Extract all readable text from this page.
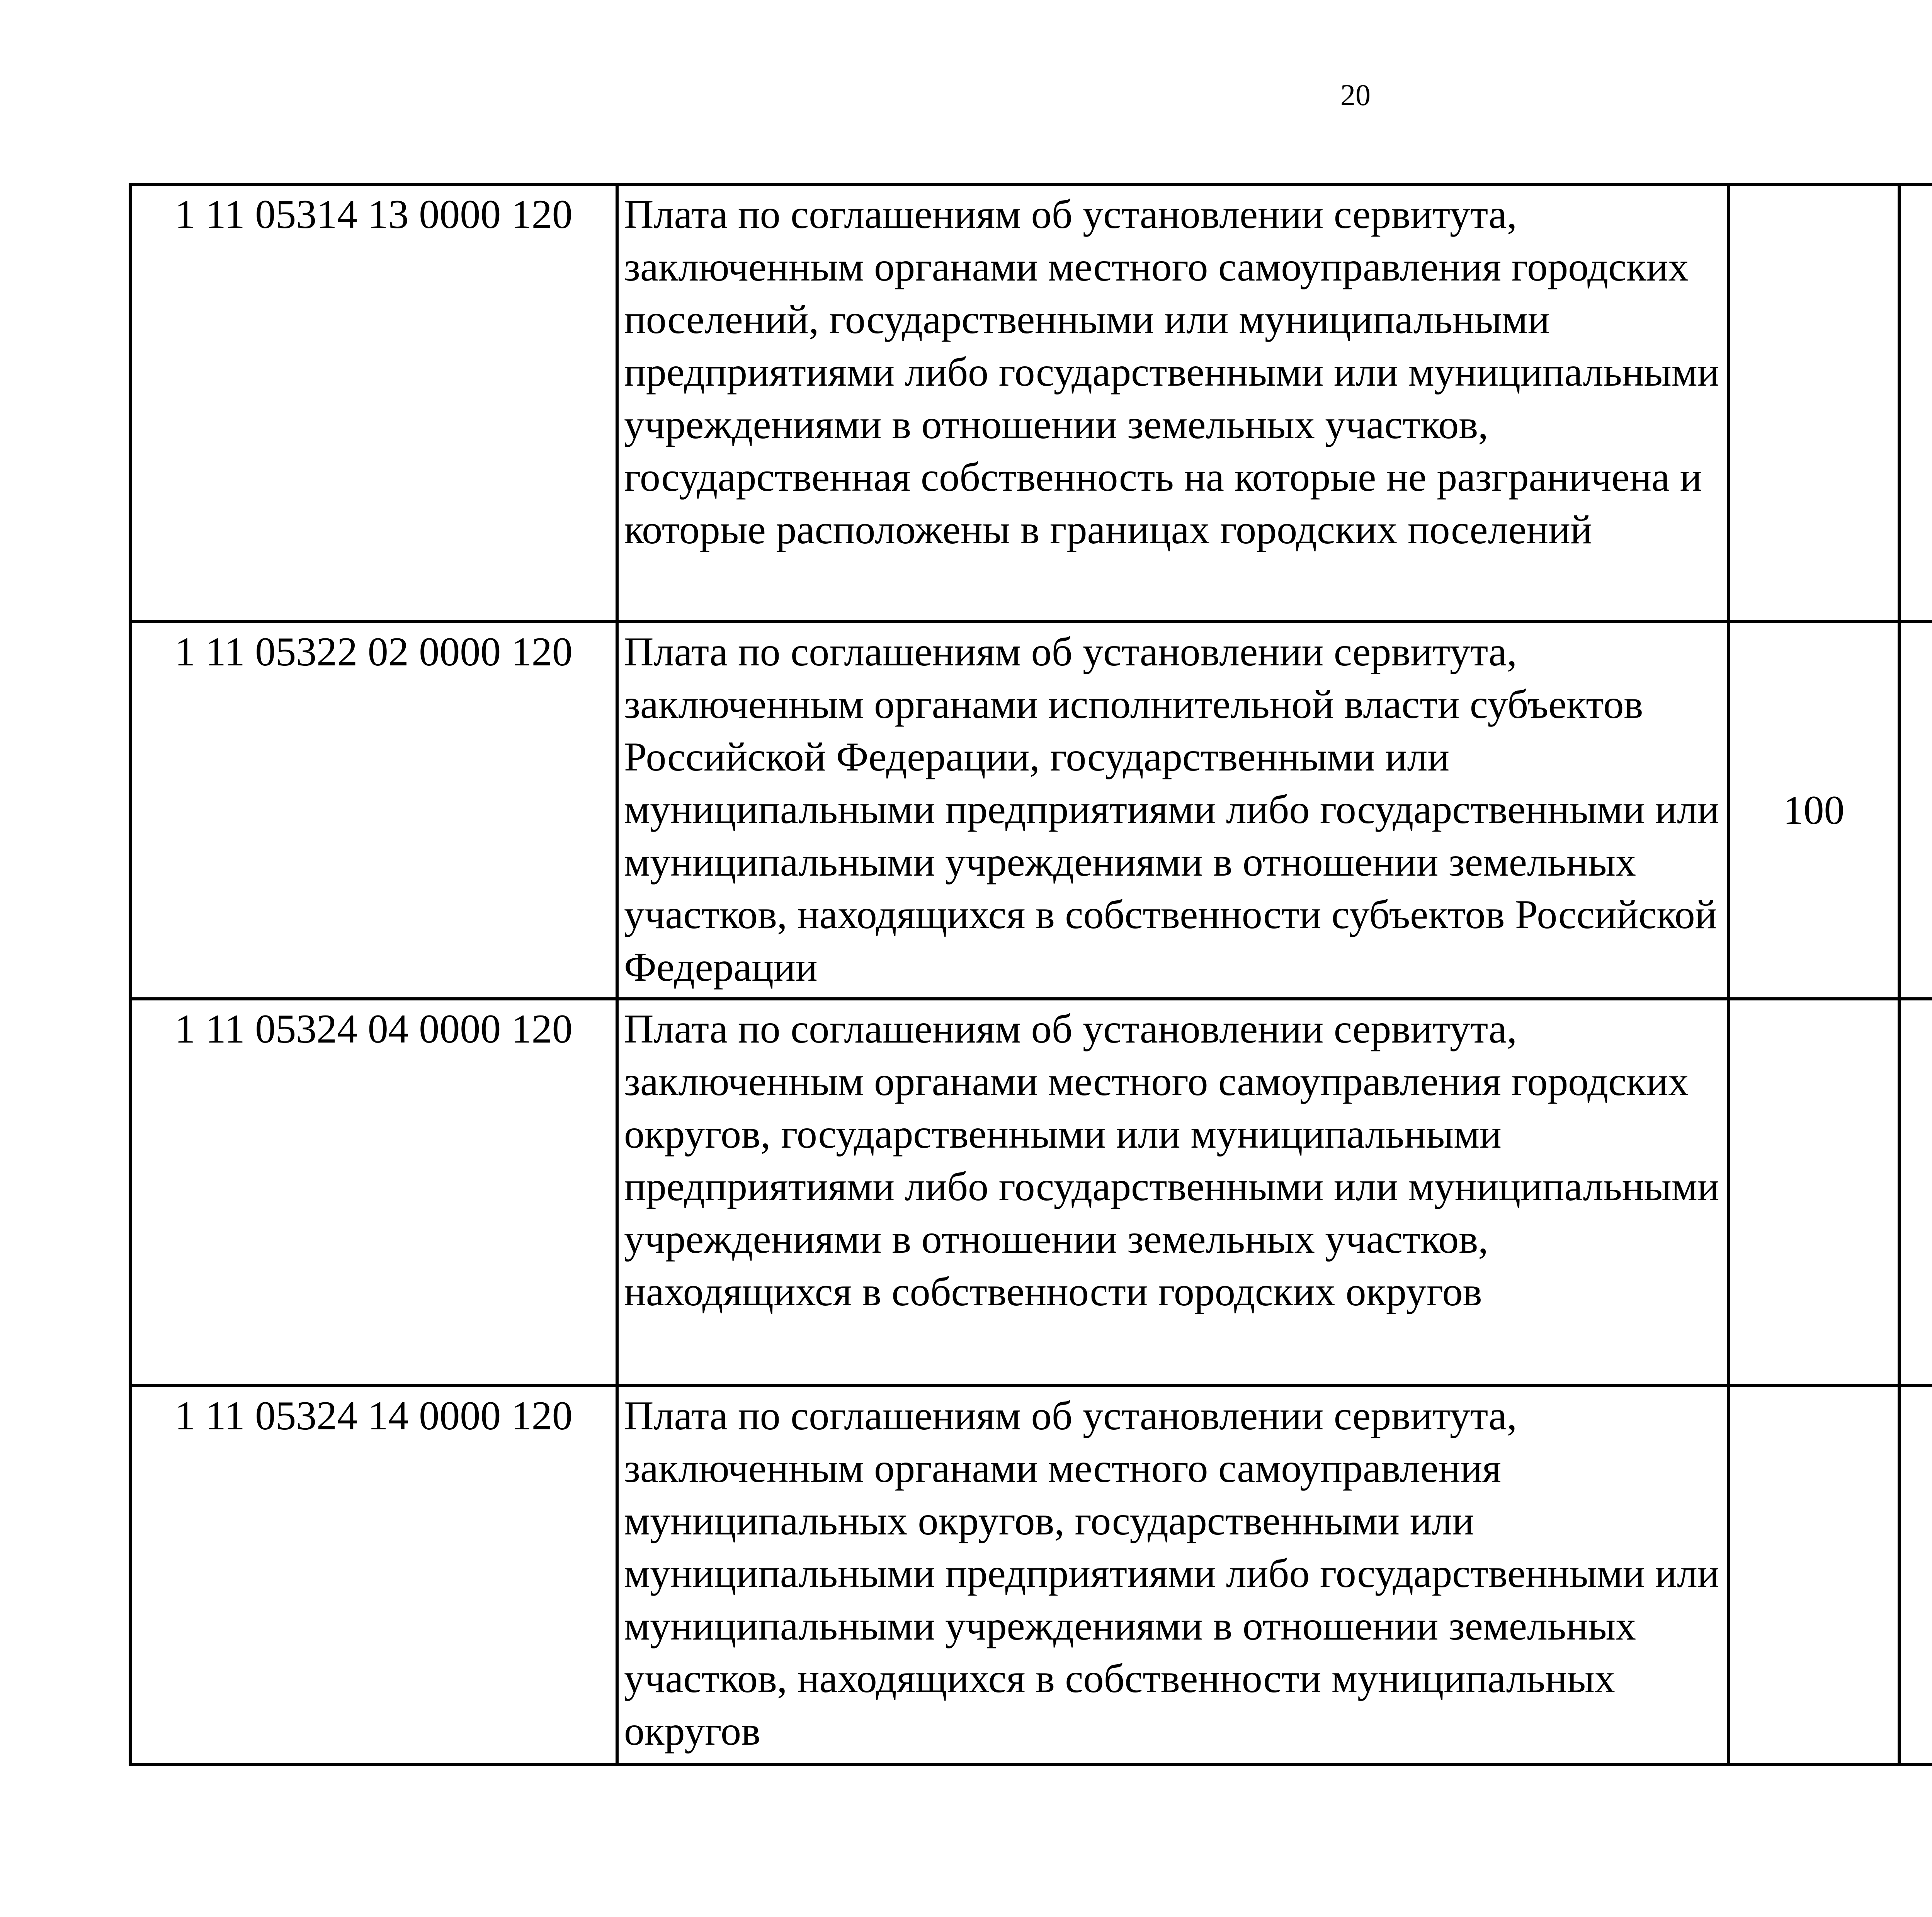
20
1 11 05314 13 0000 120	Плата по соглашениям об установлении сервитута, заключенным органами местного самоуправления городских поселений, государственными или муниципальными предприятиями либо государственными или муниципальными учреждениями в отношении земельных участков, государственная собственность на которые не разграничена и которые расположены в границах городских поселений					
1 11 05322 02 0000 120	Плата по соглашениям об установлении сервитута, заключенным органами исполнительной власти субъектов Российской Федерации, государственными или муниципальными предприятиями либо государственными или муниципальными учреждениями в отношении земельных участков, находящихся в собственности субъектов Российской Федерации	100				
1 11 05324 04 0000 120	Плата по соглашениям об установлении сервитута, заключенным органами местного самоуправления городских округов, государственными или муниципальными предприятиями либо государственными или муниципальными учреждениями в отношении земельных участков, находящихся в собственности городских округов					
1 11 05324 14 0000 120	Плата по соглашениям об установлении сервитута, заключенным органами местного самоуправления муниципальных округов, государственными или муниципальными предприятиями либо государственными или муниципальными учреждениями в отношении земельных участков, находящихся в собственности муниципальных округов					
